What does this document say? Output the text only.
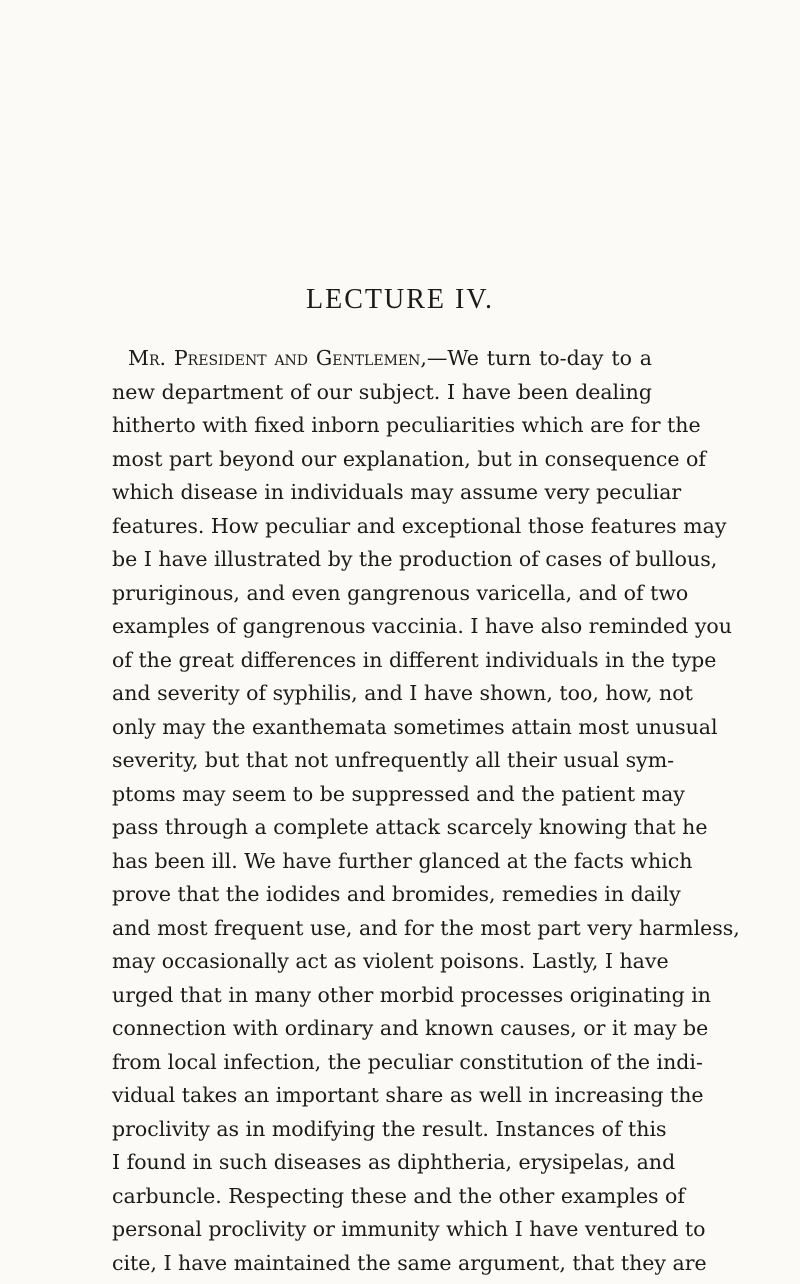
LECTURE IV.
Mr. President and Gentlemen,—We turn to-day to a
new department of our subject. I have been dealing
hitherto with fixed inborn peculiarities which are for the
most part beyond our explanation, but in consequence of
which disease in individuals may assume very peculiar
features. How peculiar and exceptional those features may
be I have illustrated by the production of cases of bullous,
pruriginous, and even gangrenous varicella, and of two
examples of gangrenous vaccinia. I have also reminded you
of the great differences in different individuals in the type
and severity of syphilis, and I have shown, too, how, not
only may the exanthemata sometimes attain most unusual
severity, but that not unfrequently all their usual sym-
ptoms may seem to be suppressed and the patient may
pass through a complete attack scarcely knowing that he
has been ill. We have further glanced at the facts which
prove that the iodides and bromides, remedies in daily
and most frequent use, and for the most part very harmless,
may occasionally act as violent poisons. Lastly, I have
urged that in many other morbid processes originating in
connection with ordinary and known causes, or it may be
from local infection, the peculiar constitution of the indi-
vidual takes an important share as well in increasing the
proclivity as in modifying the result. Instances of this
I found in such diseases as diphtheria, erysipelas, and
carbuncle. Respecting these and the other examples of
personal proclivity or immunity which I have ventured to
cite, I have maintained the same argument, that they are
